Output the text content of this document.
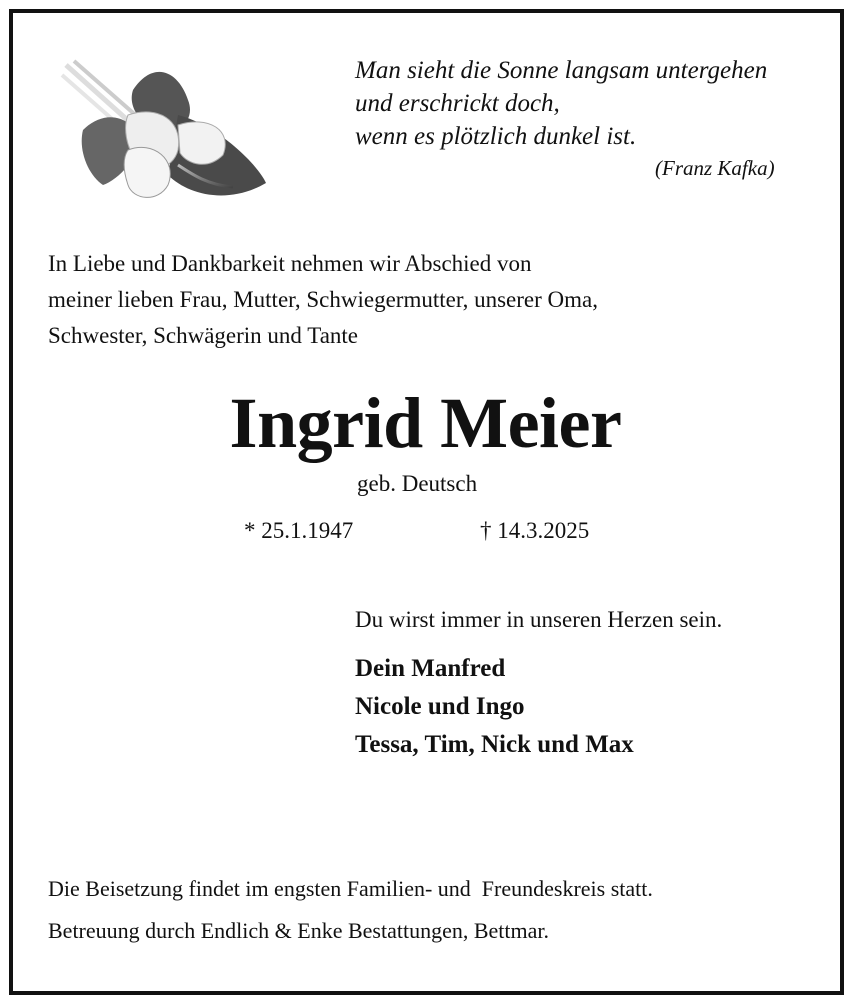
Man sieht die Sonne langsam untergehen
und erschrickt doch,
wenn es plötzlich dunkel ist.
(Franz Kafka)
In Liebe und Dankbarkeit nehmen wir Abschied von
meiner lieben Frau, Mutter, Schwiegermutter, unserer Oma,
Schwester, Schwägerin und Tante
Ingrid Meier
geb. Deutsch
* 25.1.1947	† 14.3.2025
Du wirst immer in unseren Herzen sein.
Dein Manfred
Nicole und Ingo
Tessa, Tim, Nick und Max
Die Beisetzung findet im engsten Familien- und  Freundeskreis statt.
Betreuung durch Endlich & Enke Bestattungen, Bettmar.
